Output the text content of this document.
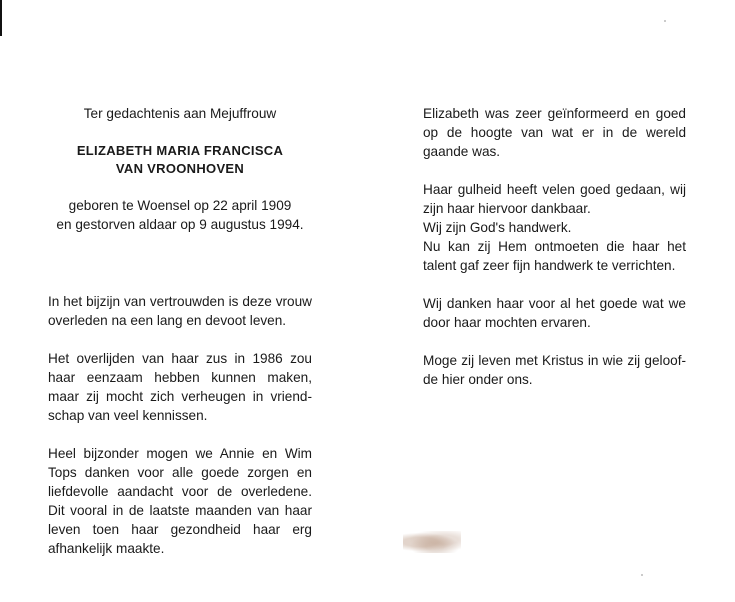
Ter gedachtenis aan Mejuffrouw
ELIZABETH MARIA FRANCISCA
VAN VROONHOVEN
geboren te Woensel op 22 april 1909
en gestorven aldaar op 9 augustus 1994.

In het bijzijn van vertrouwden is deze vrouw overleden na een lang en devoot leven.

Het overlijden van haar zus in 1986 zou haar eenzaam hebben kunnen maken, maar zij mocht zich verheugen in vriend-schap van veel kennissen.

Heel bijzonder mogen we Annie en Wim Tops danken voor alle goede zorgen en liefdevolle aandacht voor de overledene. Dit vooral in de laatste maanden van haar leven toen haar gezondheid haar erg afhankelijk maakte.

Elizabeth was zeer geïnformeerd en goed op de hoogte van wat er in de wereld gaande was.

Haar gulheid heeft velen goed gedaan, wij zijn haar hiervoor dankbaar.

Wij zijn God's handwerk.

Nu kan zij Hem ontmoeten die haar het talent gaf zeer fijn handwerk te verrichten.

Wij danken haar voor al het goede wat we door haar mochten ervaren.

Moge zij leven met Kristus in wie zij geloof-de hier onder ons.
